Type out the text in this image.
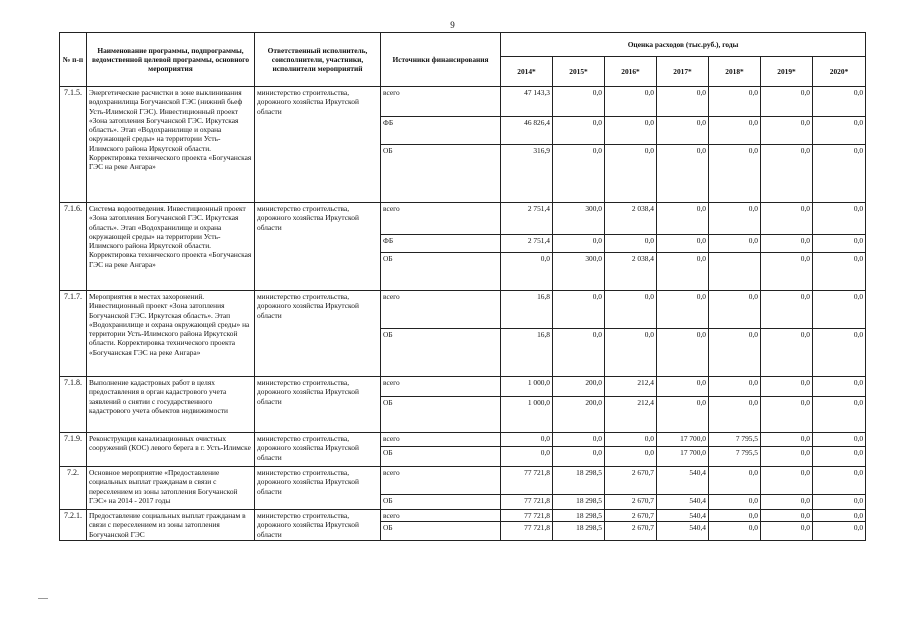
9
№ п-п	Наименование программы, подпрограммы, ведомственной целевой программы, основного мероприятия	Ответственный исполнитель, соисполнители, участники, исполнители мероприятий	Источники финансирования	Оценка расходов (тыс.руб.), годы						
				2014*	2015*	2016*	2017*	2018*	2019*	2020*
7.1.5.	Энергетические расчистки в зоне выклинивания водохранилища Богучанской ГЭС (нижний бьеф Усть-Илимской ГЭС). Инвестиционный проект «Зона затопления Богучанской ГЭС. Иркутская область». Этап «Водохранилище и охрана окружающей среды» на территории Усть-Илимского района Иркутской области. Корректировка технического проекта «Богучанская ГЭС на реке Ангара»	министерство строительства, дорожного хозяйства Иркутской области	всего	47 143,3	0,0	0,0	0,0	0,0	0,0	0,0
			ФБ	46 826,4	0,0	0,0	0,0	0,0	0,0	0,0
			ОБ	316,9	0,0	0,0	0,0	0,0	0,0	0,0
7.1.6.	Система водоотведения. Инвестиционный проект «Зона затопления Богучанской ГЭС. Иркутская область». Этап «Водохранилище и охрана окружающей среды» на территории Усть-Илимского района Иркутской области. Корректировка технического проекта «Богучанская ГЭС на реке Ангара»	министерство строительства, дорожного хозяйства Иркутской области	всего	2 751,4	300,0	2 038,4	0,0	0,0	0,0	0,0
			ФБ	2 751,4	0,0	0,0	0,0	0,0	0,0	0,0
			ОБ	0,0	300,0	2 038,4	0,0		0,0	0,0
7.1.7.	Мероприятия в местах захоронений. Инвестиционный проект «Зона затопления Богучанской ГЭС. Иркутская область». Этап «Водохранилище и охрана окружающей среды» на территории Усть-Илимского района Иркутской области. Корректировка технического проекта «Богучанская ГЭС на реке Ангара»	министерство строительства, дорожного хозяйства Иркутской области	всего	16,8	0,0	0,0	0,0	0,0	0,0	0,0
			ОБ	16,8	0,0	0,0	0,0	0,0	0,0	0,0
7.1.8.	Выполнение кадастровых работ в целях предоставления в орган кадастрового учета заявлений о снятии с государственного кадастрового учета объектов недвижимости	министерство строительства, дорожного хозяйства Иркутской области	всего	1 000,0	200,0	212,4	0,0	0,0	0,0	0,0
			ОБ	1 000,0	200,0	212,4	0,0	0,0	0,0	0,0
7.1.9.	Реконструкция канализационных очистных сооружений (КОС) левого берега в г. Усть-Илимске	министерство строительства, дорожного хозяйства Иркутской области	всего	0,0	0,0	0,0	17 700,0	7 795,5	0,0	0,0
			ОБ	0,0	0,0	0,0	17 700,0	7 795,5	0,0	0,0
7.2.	Основное мероприятие «Предоставление социальных выплат гражданам в связи с переселением из зоны затопления Богучанской ГЭС» на 2014 - 2017 годы	министерство строительства, дорожного хозяйства Иркутской области	всего	77 721,8	18 298,5	2 670,7	540,4	0,0	0,0	0,0
			ОБ	77 721,8	18 298,5	2 670,7	540,4	0,0	0,0	0,0
7.2.1.	Предоставление социальных выплат гражданам в связи с переселением из зоны затопления Богучанской ГЭС	министерство строительства, дорожного хозяйства Иркутской области	всего	77 721,8	18 298,5	2 670,7	540,4	0,0	0,0	0,0
			ОБ	77 721,8	18 298,5	2 670,7	540,4	0,0	0,0	0,0
